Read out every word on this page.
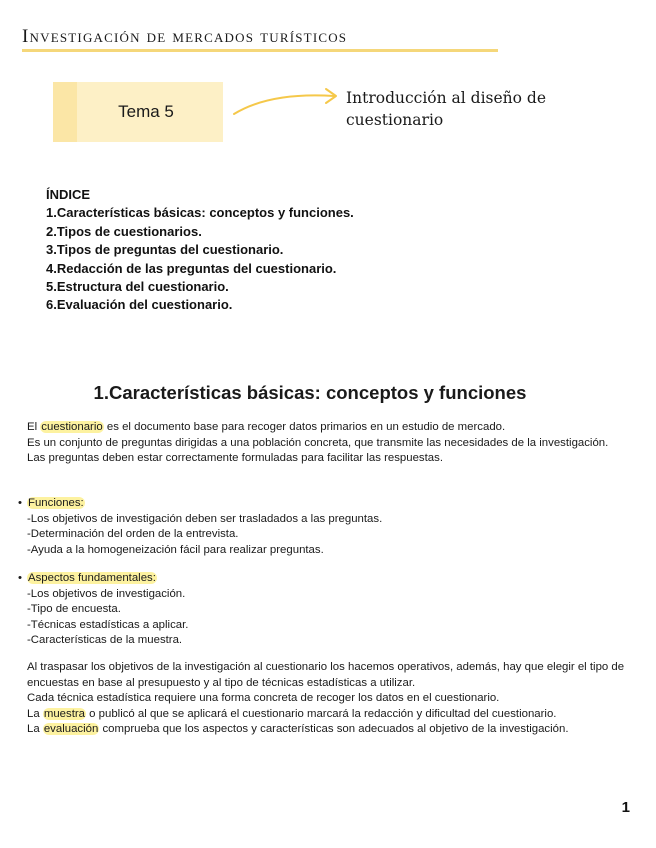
Investigación de mercados turísticos
Tema 5
Introducción al diseño de cuestionario
ÍNDICE
1.Características básicas: conceptos y funciones.
2.Tipos de cuestionarios.
3.Tipos de preguntas del cuestionario.
4.Redacción de las preguntas del cuestionario.
5.Estructura del cuestionario.
6.Evaluación del cuestionario.
1.Características básicas: conceptos y funciones

El cuestionario es el documento base para recoger datos primarios en un estudio de mercado.

Es un conjunto de preguntas dirigidas a una población concreta, que transmite las necesidades de la investigación.

Las preguntas deben estar correctamente formuladas para facilitar las respuestas.

• Funciones:

-Los objetivos de investigación deben ser trasladados a las preguntas.

-Determinación del orden de la entrevista.

-Ayuda a la homogeneización fácil para realizar preguntas.

• Aspectos fundamentales:

-Los objetivos de investigación.

-Tipo de encuesta.

-Técnicas estadísticas a aplicar.

-Características de la muestra.

Al traspasar los objetivos de la investigación al cuestionario los hacemos operativos, además, hay que elegir el tipo de encuestas en base al presupuesto y al tipo de técnicas estadísticas a utilizar.

Cada técnica estadística requiere una forma concreta de recoger los datos en el cuestionario.

La muestra o publicó al que se aplicará el cuestionario marcará la redacción y dificultad del cuestionario.

La evaluación comprueba que los aspectos y características son adecuados al objetivo de la investigación.

1
